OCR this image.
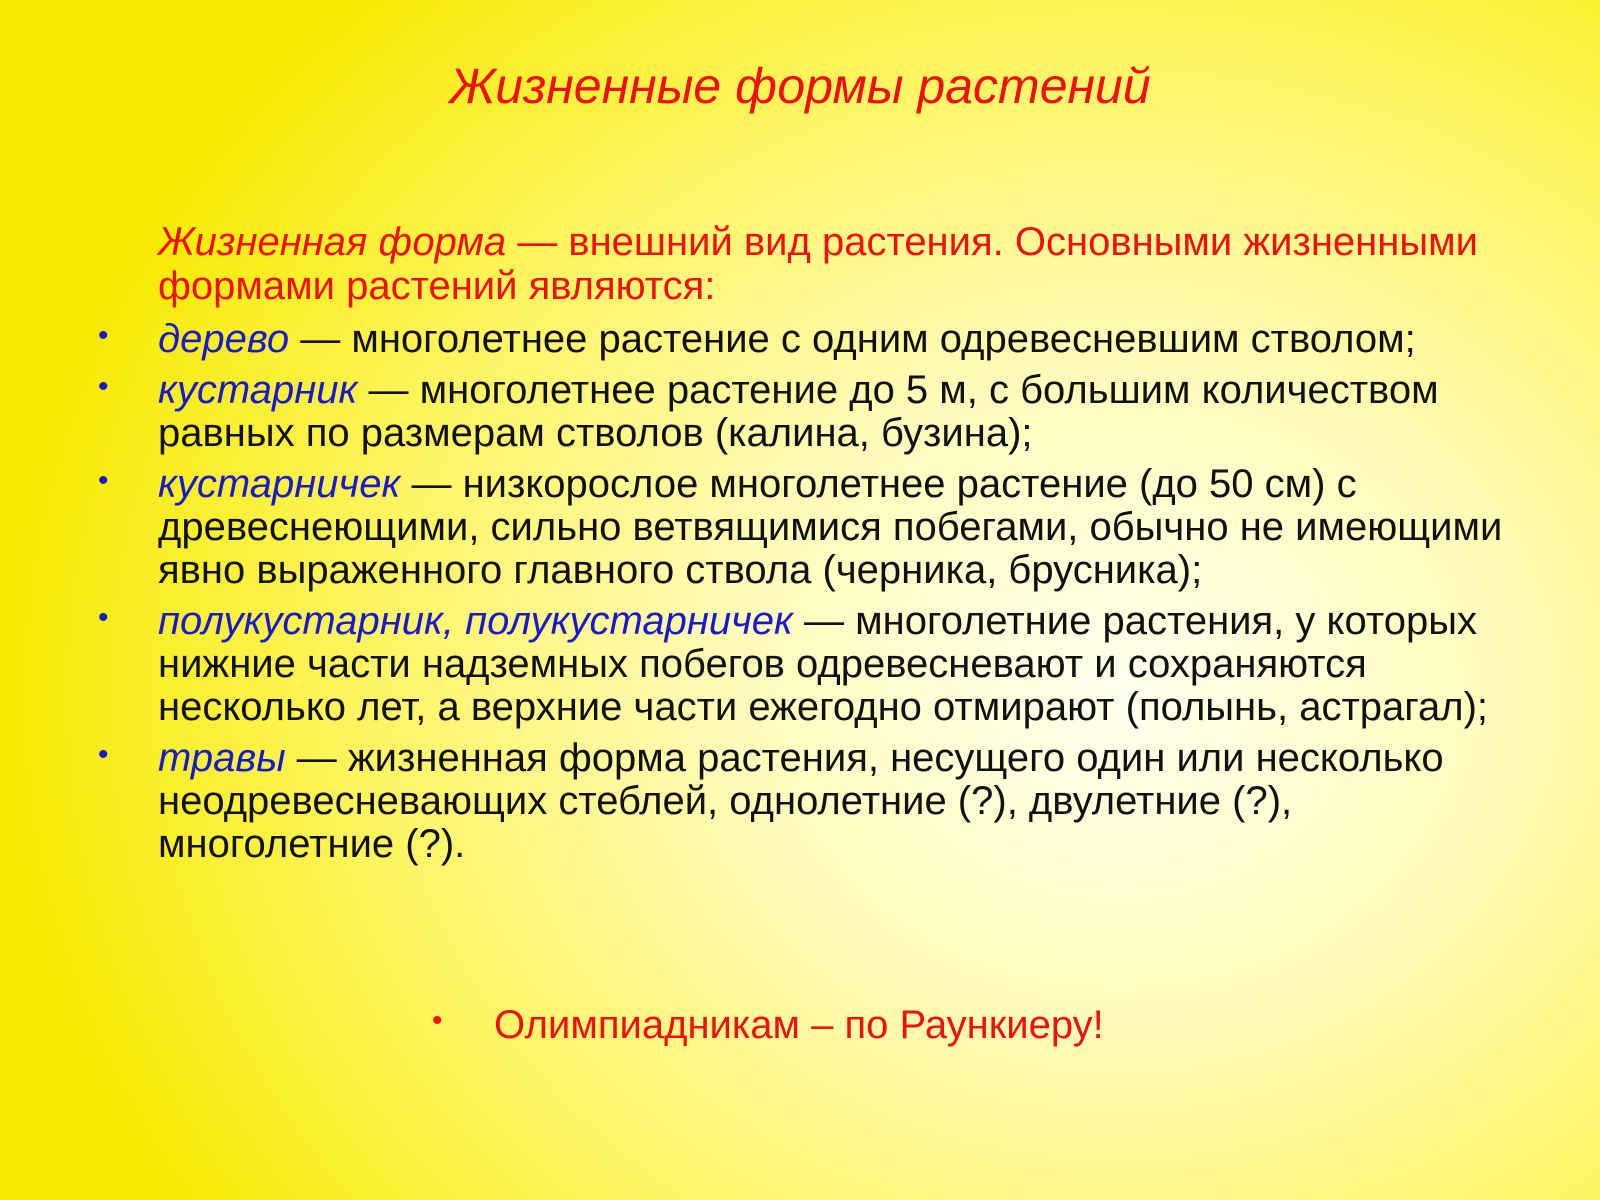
Жизненные формы растений
Жизненная форма — внешний вид растения. Основными жизненными формами растений являются:
• дерево — многолетнее растение с одним одревесневшим стволом;
• кустарник — многолетнее растение до 5 м, с большим количеством равных по размерам стволов (калина, бузина);
• кустарничек — низкорослое многолетнее растение (до 50 см) с древеснеющими, сильно ветвящимися побегами, обычно не имеющими явно выраженного главного ствола (черника, брусника);
• полукустарник, полукустарничек — многолетние растения, у которых нижние части надземных побегов одревесневают и сохраняются несколько лет, а верхние части ежегодно отмирают (полынь, астрагал);
• травы — жизненная форма растения, несущего один или несколько неодревесневающих стеблей, однолетние (?), двулетние (?), многолетние (?).
• Олимпиадникам – по Раункиеру!
